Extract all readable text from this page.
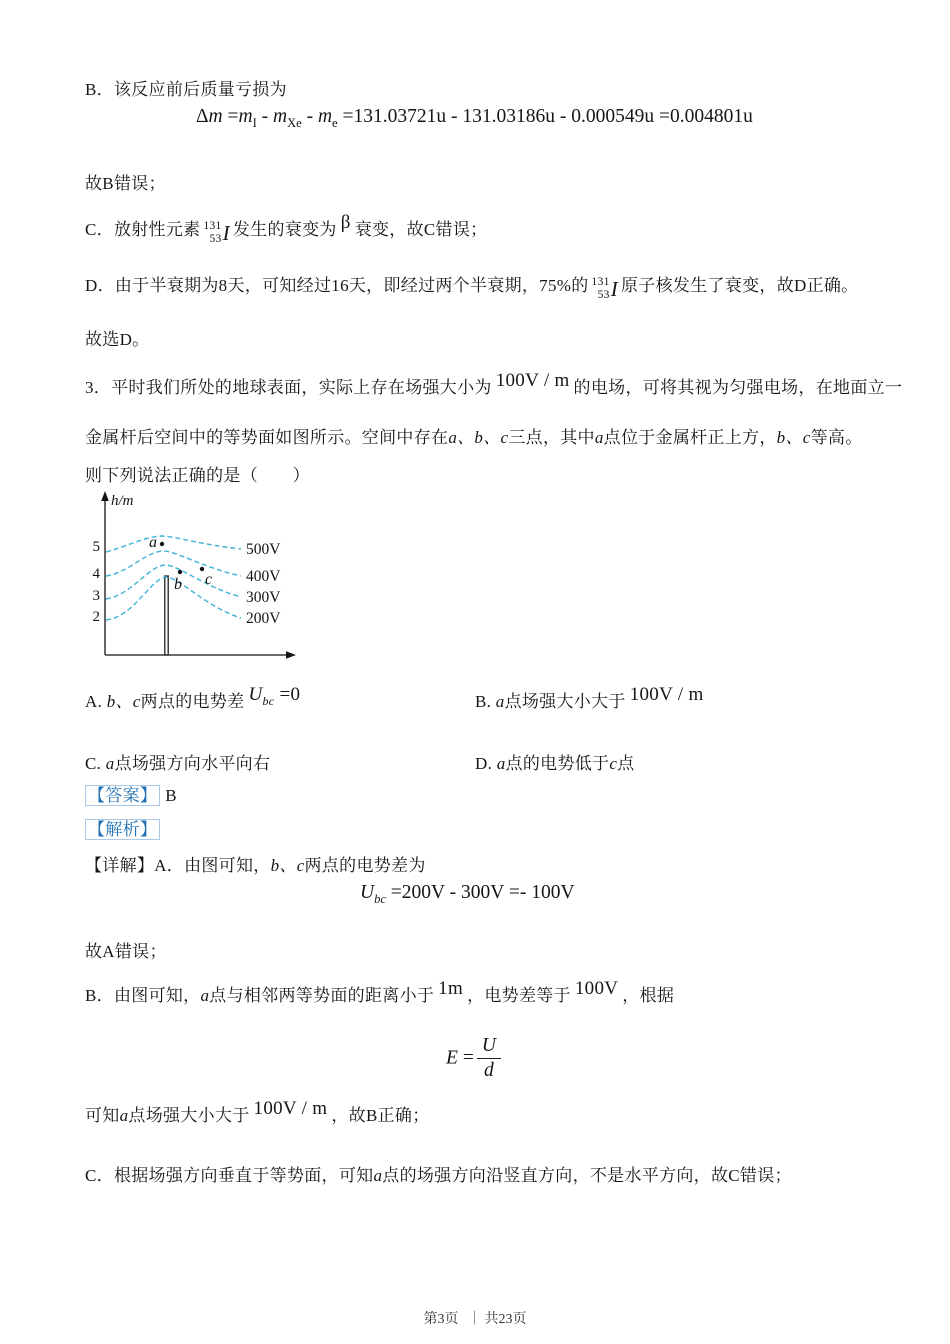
B．该反应前后质量亏损为

$\Delta m =m_I - m_{Xe} - m_e =131.03721u - 131.03186u - 0.000549u =0.004801u$

故B错误；

C．放射性元素 131
53 I 发生的衰变为 β 衰变，故C错误；

D．由于半衰期为8天，可知经过16天，即经过两个半衰期，75%的 131
53 I 原子核发生了衰变，故D正确。

故选D。

3．平时我们所处的地球表面，实际上存在场强大小为 100V / m 的电场，可将其视为匀强电场，在地面立一

金属杆后空间中的等势面如图所示。空间中存在a、b、c三点，其中a点位于金属杆正上方，b、c等高。

则下列说法正确的是（　　）

h/m
5
4
3
2
500V
400V
300V
200V
a
b c
A. b、c两点的电势差 $U_{bc} =0$	B. a点场强大小大于 100V / m
C. a点场强方向水平向右	D. a点的电势低于c点

【答案】 B

【解析】

【详解】A．由图可知，b、c两点的电势差为

$U_{bc} =200V - 300V =- 100V$

故A错误；

B．由图可知，a点与相邻两等势面的距离小于 1m ，电势差等于 100V ，根据

$E = \frac{U}{d}$

可知a点场强大小大于 100V / m ，故B正确；

C．根据场强方向垂直于等势面，可知a点的场强方向沿竖直方向，不是水平方向，故C错误；

第3页 ｜ 共23页
